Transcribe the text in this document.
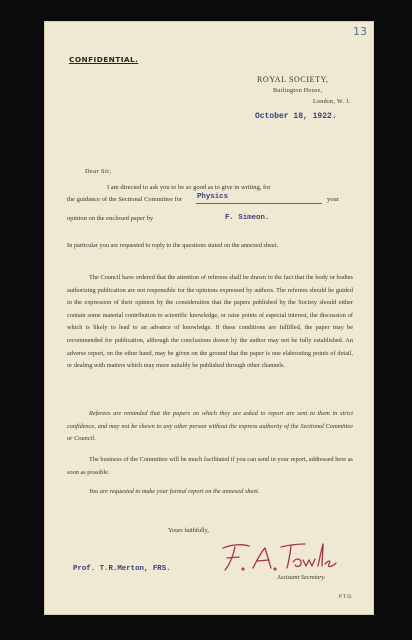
13
CONFIDENTIAL.
ROYAL SOCIETY,
Burlington House,
London, W. 1.
October 18, 1922.
Dear Sir,
I am directed to ask you to be so good as to give in writing, for
the guidance of the Sectional Committee for Physics	your
opinion on the enclosed paper by	F. Simeon.

In particular you are requested to reply to the questions stated on the annexed sheet.

The Council have ordered that the attention of referees shall be drawn to the fact that the body or bodies authorizing publication are not responsible for the opinions expressed by authors. The referees should be guided in the expression of their opinion by the consideration that the papers published by the Society should either contain some material contribution to scientific knowledge, or raise points of especial interest, the discussion of which is likely to lead to an advance of knowledge. If these conditions are fulfilled, the paper may be recommended for publication, although the conclusions drawn by the author may not be fully established. An adverse report, on the other hand, may be given on the ground that the paper is one elaborating points of detail, or dealing with matters which may more suitably be published through other channels.

Referees are reminded that the papers on which they are asked to report are sent to them in strict confidence, and may not be shewn to any other person without the express authority of the Sectional Committee or Council.

The business of the Committee will be much facilitated if you can send in your report, addressed here as soon as possible.

You are requested to make your formal report on the annexed sheet.

Yours faithfully,
Prof. T.R.Merton, FRS.
Assistant Secretary.
P.T.O.
